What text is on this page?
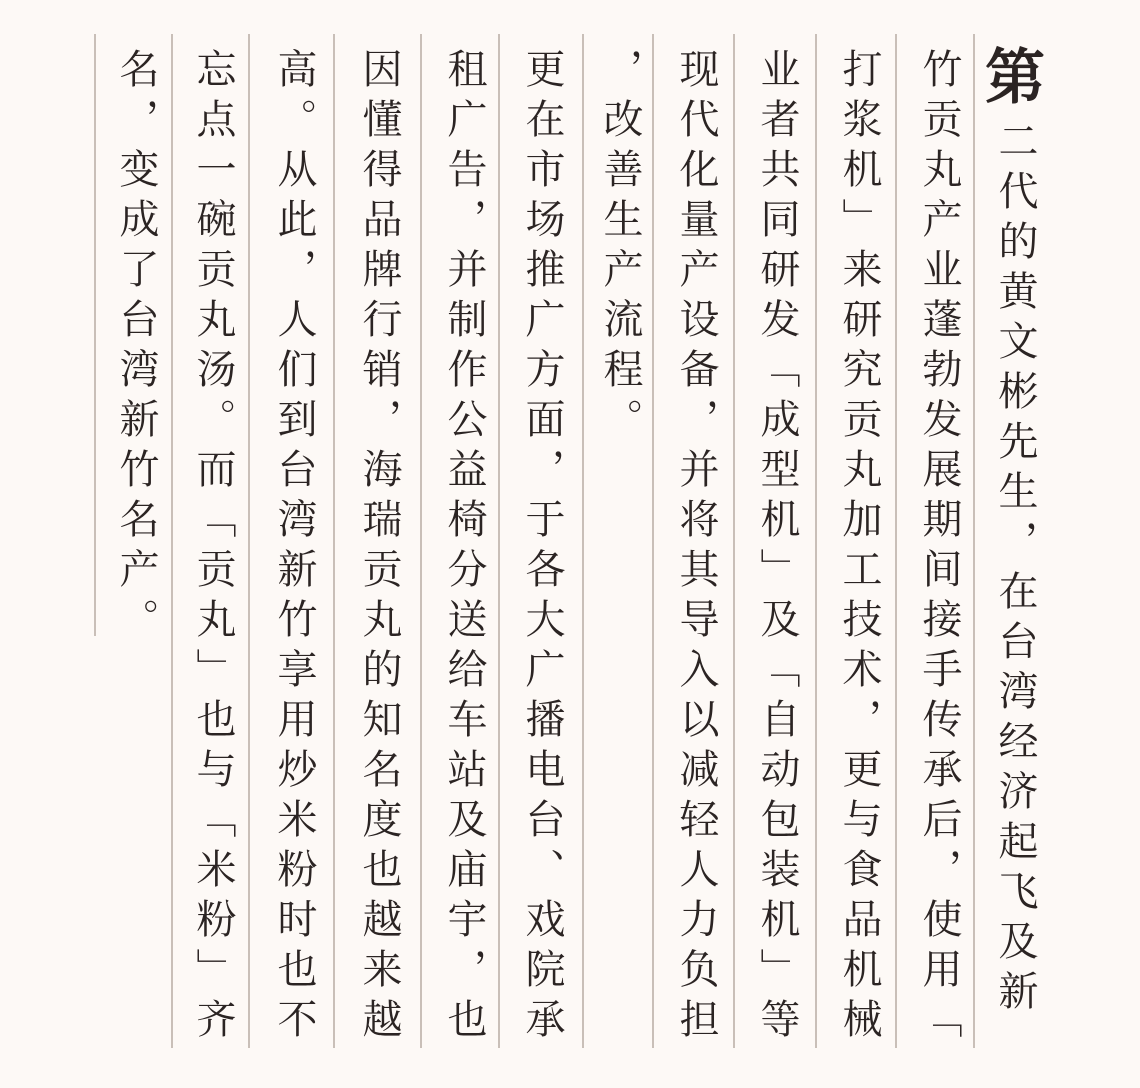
第
二代的黄文彬先生，在台湾经济起飞及新
竹贡丸产业蓬勃发展期间接手传承后，使用「
打浆机」来研究贡丸加工技术，更与食品机械
业者共同研发「成型机」及「自动包装机」等
现代化量产设备，并将其导入以减轻人力负担
，改善生产流程。
更在市场推广方面，于各大广播电台、戏院承
租广告，并制作公益椅分送给车站及庙宇，也
因懂得品牌行销，海瑞贡丸的知名度也越来越
高。从此，人们到台湾新竹享用炒米粉时也不
忘点一碗贡丸汤。而「贡丸」也与「米粉」齐
名，变成了台湾新竹名产。
